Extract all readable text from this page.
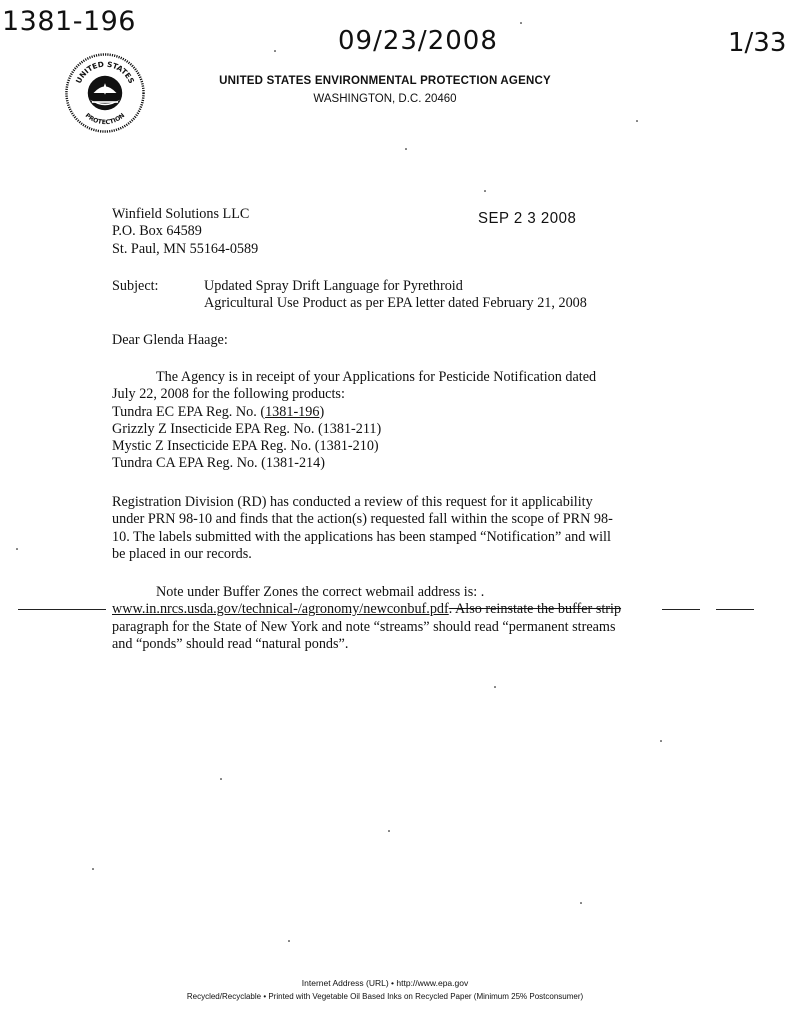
1381-196
09/23/2008	1/33
UNITED STATES
PROTECTION
UNITED STATES ENVIRONMENTAL PROTECTION AGENCY
WASHINGTON, D.C. 20460
Winfield Solutions LLC
P.O. Box 64589
St. Paul, MN 55164-0589
SEP 2 3 2008
Subject:	Updated Spray Drift Language for Pyrethroid
Agricultural Use Product as per EPA letter dated February 21, 2008
Dear Glenda Haage:
The Agency is in receipt of your Applications for Pesticide Notification dated
July 22, 2008 for the following products:
Tundra EC EPA Reg. No. (1381-196)
Grizzly Z Insecticide EPA Reg. No. (1381-211)
Mystic Z Insecticide EPA Reg. No. (1381-210)
Tundra CA EPA Reg. No. (1381-214)
Registration Division (RD) has conducted a review of this request for it applicability
under PRN 98-10 and finds that the action(s) requested fall within the scope of PRN 98-
10. The labels submitted with the applications has been stamped “Notification” and will
be placed in our records.
Note under Buffer Zones the correct webmail address is: .
www.in.nrcs.usda.gov/technical-/agronomy/newconbuf.pdf. Also reinstate the buffer strip
paragraph for the State of New York and note “streams” should read “permanent streams
and “ponds” should read “natural ponds”.
Internet Address (URL) • http://www.epa.gov
Recycled/Recyclable • Printed with Vegetable Oil Based Inks on Recycled Paper (Minimum 25% Postconsumer)
